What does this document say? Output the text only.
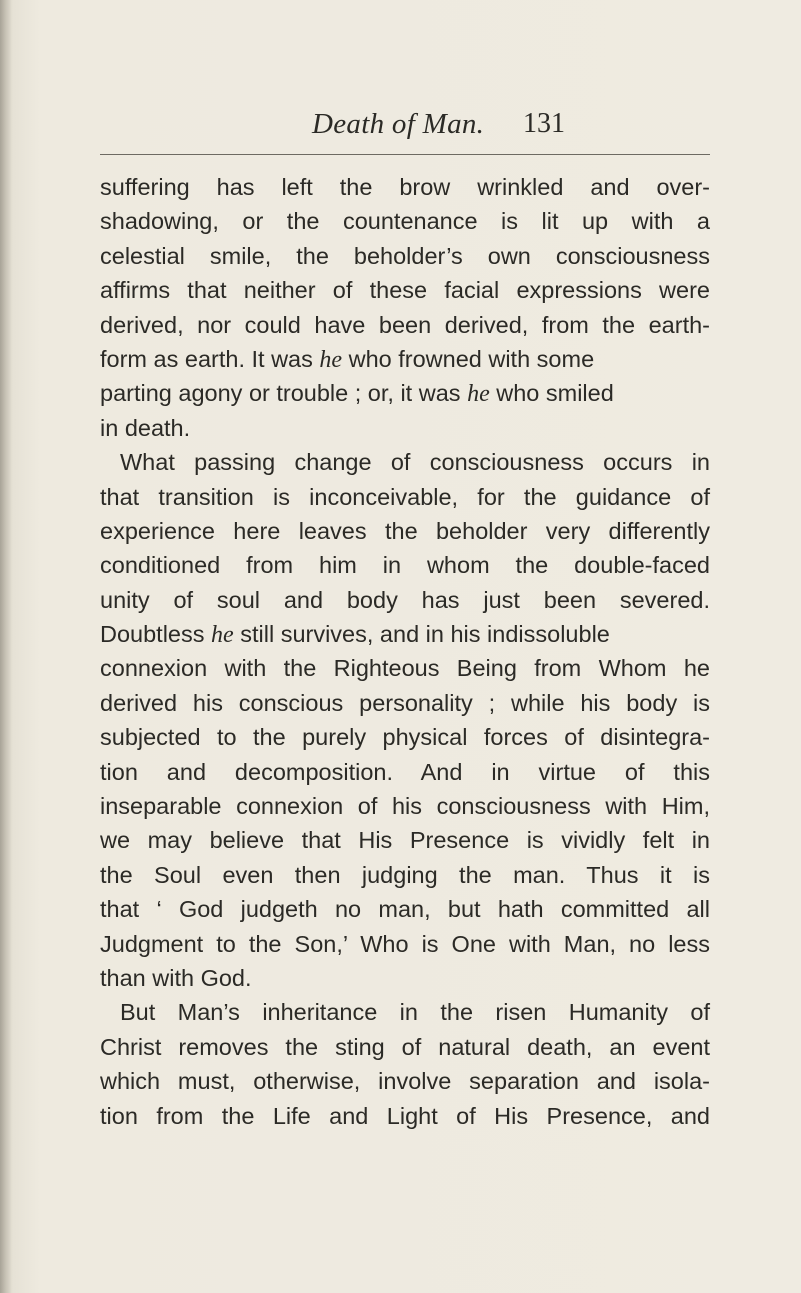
Death of Man. 131
suffering has left the brow wrinkled and over-
shadowing, or the countenance is lit up with a
celestial smile, the beholder’s own consciousness
affirms that neither of these facial expressions were
derived, nor could have been derived, from the earth-
form as earth. It was he who frowned with some
parting agony or trouble ; or, it was he who smiled
in death.
What passing change of consciousness occurs in
that transition is inconceivable, for the guidance of
experience here leaves the beholder very differently
conditioned from him in whom the double-faced
unity of soul and body has just been severed.
Doubtless he still survives, and in his indissoluble
connexion with the Righteous Being from Whom he
derived his conscious personality ; while his body is
subjected to the purely physical forces of disintegra-
tion and decomposition. And in virtue of this
inseparable connexion of his consciousness with Him,
we may believe that His Presence is vividly felt in
the Soul even then judging the man. Thus it is
that ‘ God judgeth no man, but hath committed all
Judgment to the Son,’ Who is One with Man, no less
than with God.
But Man’s inheritance in the risen Humanity of
Christ removes the sting of natural death, an event
which must, otherwise, involve separation and isola-
tion from the Life and Light of His Presence, and
